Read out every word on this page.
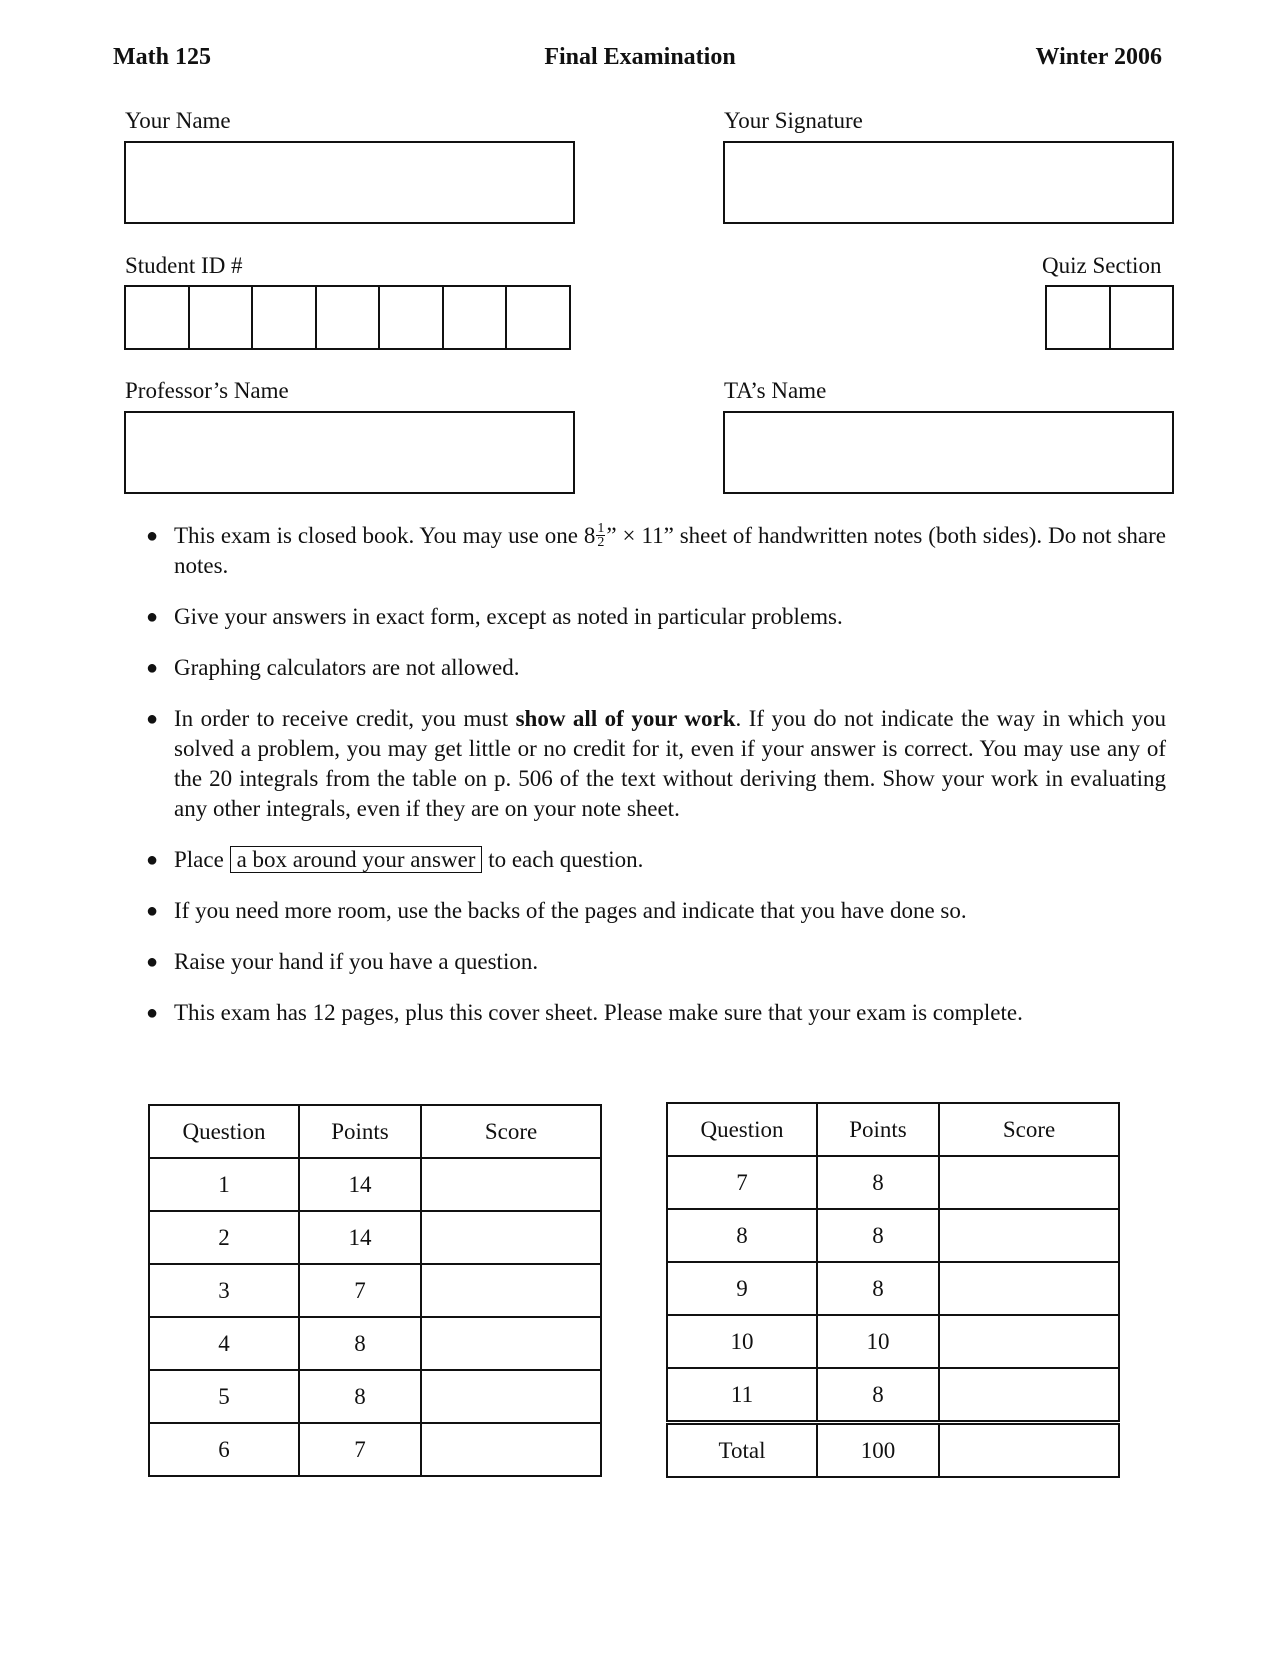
Math 125	Final Examination	Winter 2006
Your Name	Your Signature
Student ID #	Quiz Section
Professor’s Name	TA’s Name
● This exam is closed book. You may use one $8 \frac{1}{2}$ ” × 11” sheet of handwritten notes (both sides). Do not share notes.
● Give your answers in exact form, except as noted in particular problems.
● Graphing calculators are not allowed.
● In order to receive credit, you must show all of your work. If you do not indicate the way in which you solved a problem, you may get little or no credit for it, even if your answer is correct. You may use any of the 20 integrals from the table on p. 506 of the text without deriving them. Show your work in evaluating any other integrals, even if they are on your note sheet.
● Place a box around your answer to each question.
● If you need more room, use the backs of the pages and indicate that you have done so.
● Raise your hand if you have a question.
● This exam has 12 pages, plus this cover sheet. Please make sure that your exam is complete.
Question	Points	Score
1	14	
2	14	
3	7	
4	8	
5	8	
6	7	
Question	Points	Score
7	8	
8	8	
9	8	
10	10	
11	8	
Total	100	
